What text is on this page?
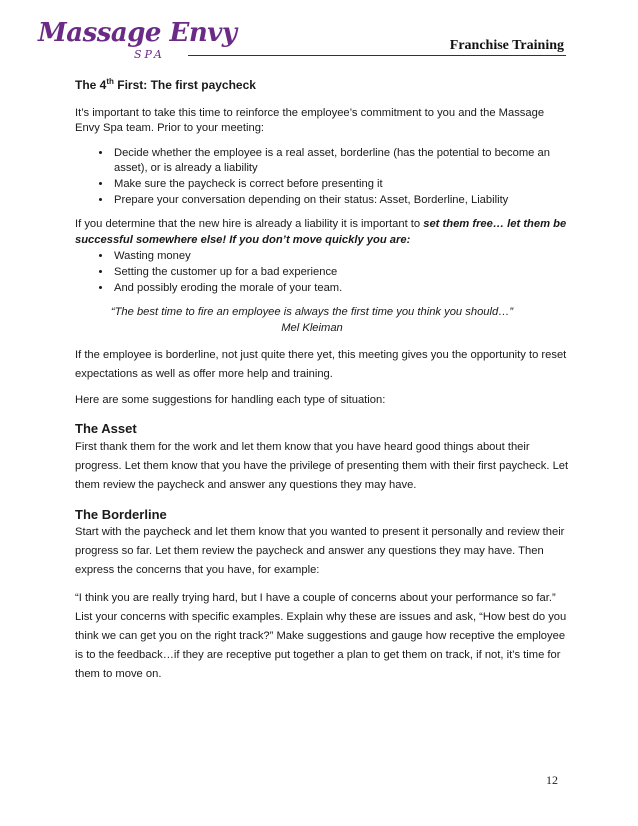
Massage Envy
SPA
Franchise Training
The 4th First: The first paycheck

It’s important to take this time to reinforce the employee’s commitment to you and the Massage Envy Spa team. Prior to your meeting:

• Decide whether the employee is a real asset, borderline (has the potential to become an asset), or is already a liability
• Make sure the paycheck is correct before presenting it
• Prepare your conversation depending on their status: Asset, Borderline, Liability

If you determine that the new hire is already a liability it is important to set them free… let them be successful somewhere else! If you don’t move quickly you are:

• Wasting money
• Setting the customer up for a bad experience
• And possibly eroding the morale of your team.
“The best time to fire an employee is always the first time you think you should…”
Mel Kleiman

If the employee is borderline, not just quite there yet, this meeting gives you the opportunity to reset expectations as well as offer more help and training.

Here are some suggestions for handling each type of situation:

The Asset

First thank them for the work and let them know that you have heard good things about their progress. Let them know that you have the privilege of presenting them with their first paycheck. Let them review the paycheck and answer any questions they may have.

The Borderline

Start with the paycheck and let them know that you wanted to present it personally and review their progress so far. Let them review the paycheck and answer any questions they may have. Then express the concerns that you have, for example:

“I think you are really trying hard, but I have a couple of concerns about your performance so far.” List your concerns with specific examples. Explain why these are issues and ask, “How best do you think we can get you on the right track?” Make suggestions and gauge how receptive the employee is to the feedback…if they are receptive put together a plan to get them on track, if not, it’s time for them to move on.

12
